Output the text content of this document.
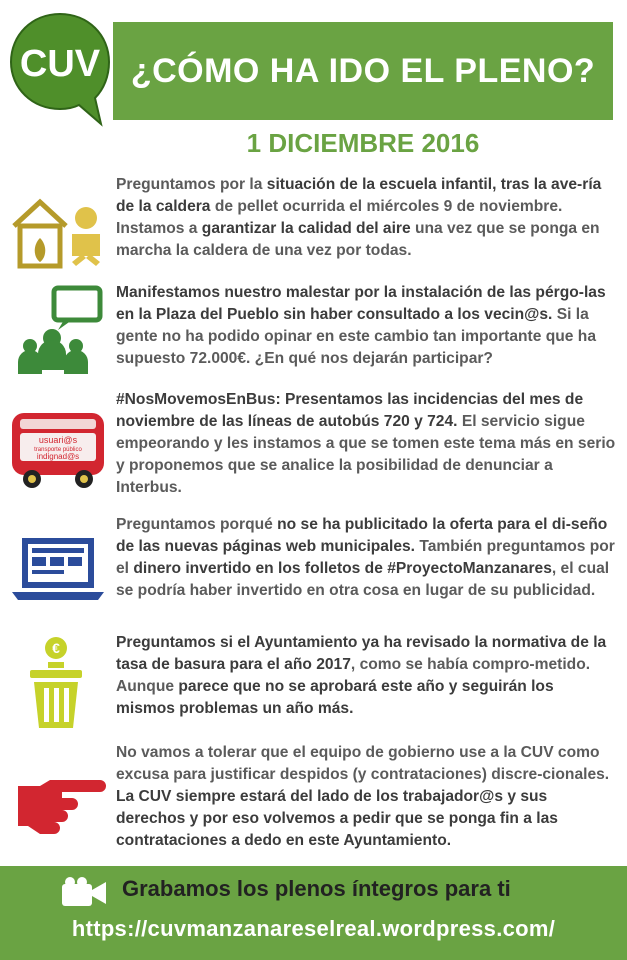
CUV ¿CÓMO HA IDO EL PLENO?
1 DICIEMBRE 2016
Preguntamos por la situación de la escuela infantil, tras la ave-ría de la caldera de pellet ocurrida el miércoles 9 de noviembre. Instamos a garantizar la calidad del aire una vez que se ponga en marcha la caldera de una vez por todas.
Manifestamos nuestro malestar por la instalación de las pérgo-las en la Plaza del Pueblo sin haber consultado a los vecin@s. Si la gente no ha podido opinar en este cambio tan importante que ha supuesto 72.000€. ¿En qué nos dejarán participar?
usuari@s
transporte público
indignad@s
#NosMovemosEnBus: Presentamos las incidencias del mes de noviembre de las líneas de autobús 720 y 724. El servicio sigue empeorando y les instamos a que se tomen este tema más en serio y proponemos que se analice la posibilidad de denunciar a Interbus.
Preguntamos porqué no se ha publicitado la oferta para el di-seño de las nuevas páginas web municipales. También preguntamos por el dinero invertido en los folletos de #ProyectoManzanares, el cual se podría haber invertido en otra cosa en lugar de su publicidad.
€	Preguntamos si el Ayuntamiento ya ha revisado la normativa de la tasa de basura para el año 2017, como se había compro-metido. Aunque parece que no se aprobará este año y seguirán los mismos problemas un año más.
No vamos a tolerar que el equipo de gobierno use a la CUV como excusa para justificar despidos (y contrataciones) discre-cionales. La CUV siempre estará del lado de los trabajador@s y sus derechos y por eso volvemos a pedir que se ponga fin a las contrataciones a dedo en este Ayuntamiento.
Grabamos los plenos íntegros para ti
https://cuvmanzanareselreal.wordpress.com/
